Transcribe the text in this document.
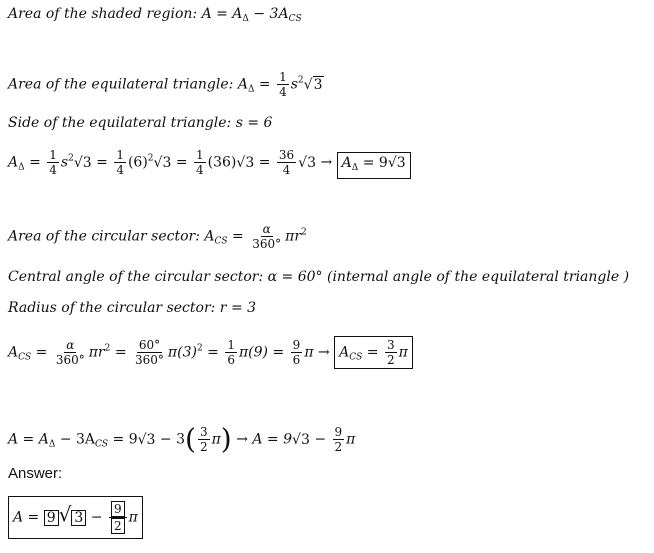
Area of the shaded region: $A = A_\Delta - 3A_{CS}$
Area of the equilateral triangle: $A_\Delta = \frac{1}{4} s^2√3$
Side of the equilateral triangle: s = 6
$A_\Delta = \frac{1}{4} s^2√3 = \frac{1}{4} (6)^2√3 = \frac{1}{4} (36)√3 = \frac{36}{4} √3 \to A_\Delta = 9√3$
Area of the circular sector: $A_{CS} = \frac{\alpha}{360^\circ} \pi r^2$
Central angle of the circular sector: α = 60° (internal angle of the equilateral triangle )
Radius of the circular sector: r = 3
$A_{CS} = \frac{\alpha}{360^\circ} \pi r^2 = \frac{60^\circ}{360^\circ} \pi(3)^2 = \frac{1}{6} \pi(9) = \frac{9}{6}$ $\pi \to A_{CS} = \frac{3}{2}$ π
$A = A_\Delta - 3A_{CS} = 9√3 - 3( \frac{3}{2} \pi) \to A = 9√3 - \frac{9}{2}$ π
Answer:
A = 9 √ $3 - \frac{9}{2}$ π
